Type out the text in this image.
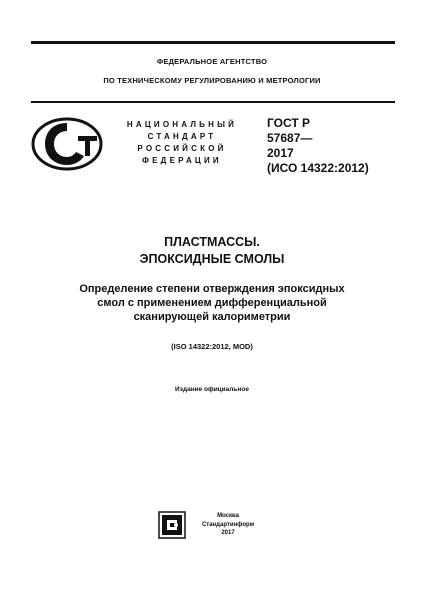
ФЕДЕРАЛЬНОЕ АГЕНТСТВО
ПО ТЕХНИЧЕСКОМУ РЕГУЛИРОВАНИЮ И МЕТРОЛОГИИ
НАЦИОНАЛЬНЫЙ
СТАНДАРТ
РОССИЙСКОЙ
ФЕДЕРАЦИИ
ГОСТ Р
57687—
2017
(ИСО 14322:2012)
ПЛАСТМАССЫ.
ЭПОКСИДНЫЕ СМОЛЫ
Определение степени отверждения эпоксидных
смол с применением дифференциальной
сканирующей калориметрии
(ISO 14322:2012, MOD)
Издание официальное
Москва
Стандартинформ
2017
